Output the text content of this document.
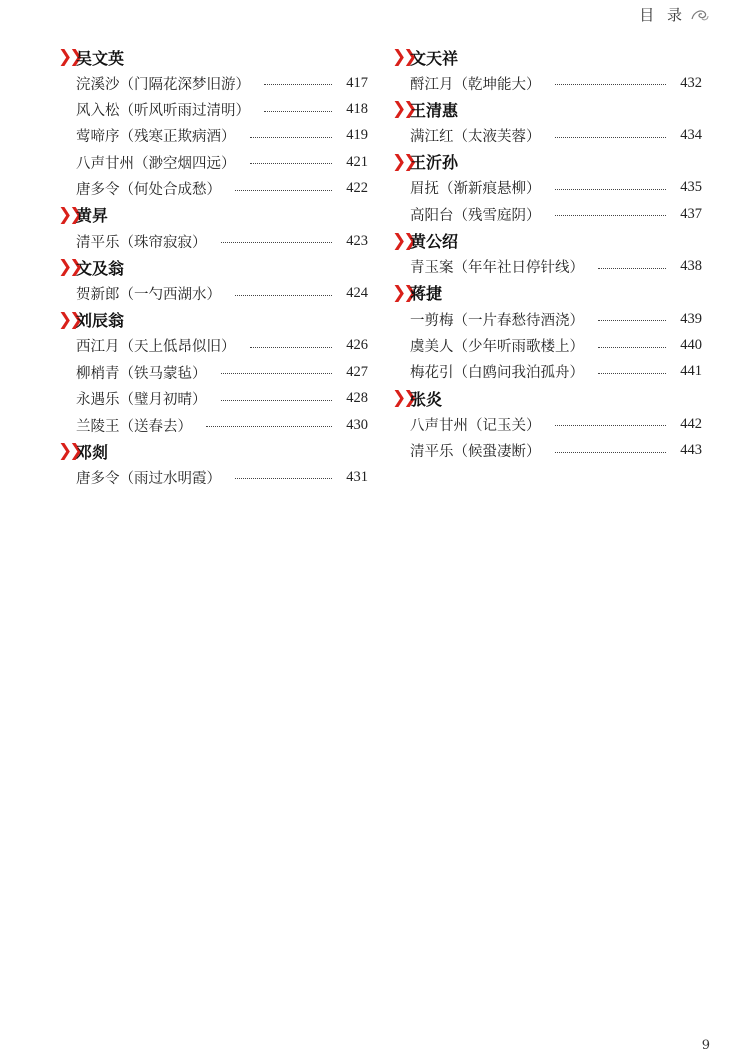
目 录
❯❯
吴文英
浣溪沙（门隔花深梦旧游）	417
风入松（听风听雨过清明）	418
莺啼序（残寒正欺病酒）	419
八声甘州（渺空烟四远）	421
唐多令（何处合成愁）	422
❯❯
黄昇
清平乐（珠帘寂寂）	423
❯❯
文及翁
贺新郎（一勺西湖水）	424
❯❯
刘辰翁
西江月（天上低昂似旧）	426
柳梢青（铁马蒙毡）	427
永遇乐（璧月初晴）	428
兰陵王（送春去）	430
❯❯
邓剡
唐多令（雨过水明霞）	431
❯❯
文天祥
酹江月（乾坤能大）	432
❯❯
王清惠
满江红（太液芙蓉）	434
❯❯
王沂孙
眉抚（渐新痕悬柳）	435
高阳台（残雪庭阴）	437
❯❯
黄公绍
青玉案（年年社日停针线）	438
❯❯
蒋捷
一剪梅（一片春愁待酒浇）	439
虞美人（少年听雨歌楼上）	440
梅花引（白鸥问我泊孤舟）	441
❯❯
张炎
八声甘州（记玉关）	442
清平乐（候蛩凄断）	443
9
